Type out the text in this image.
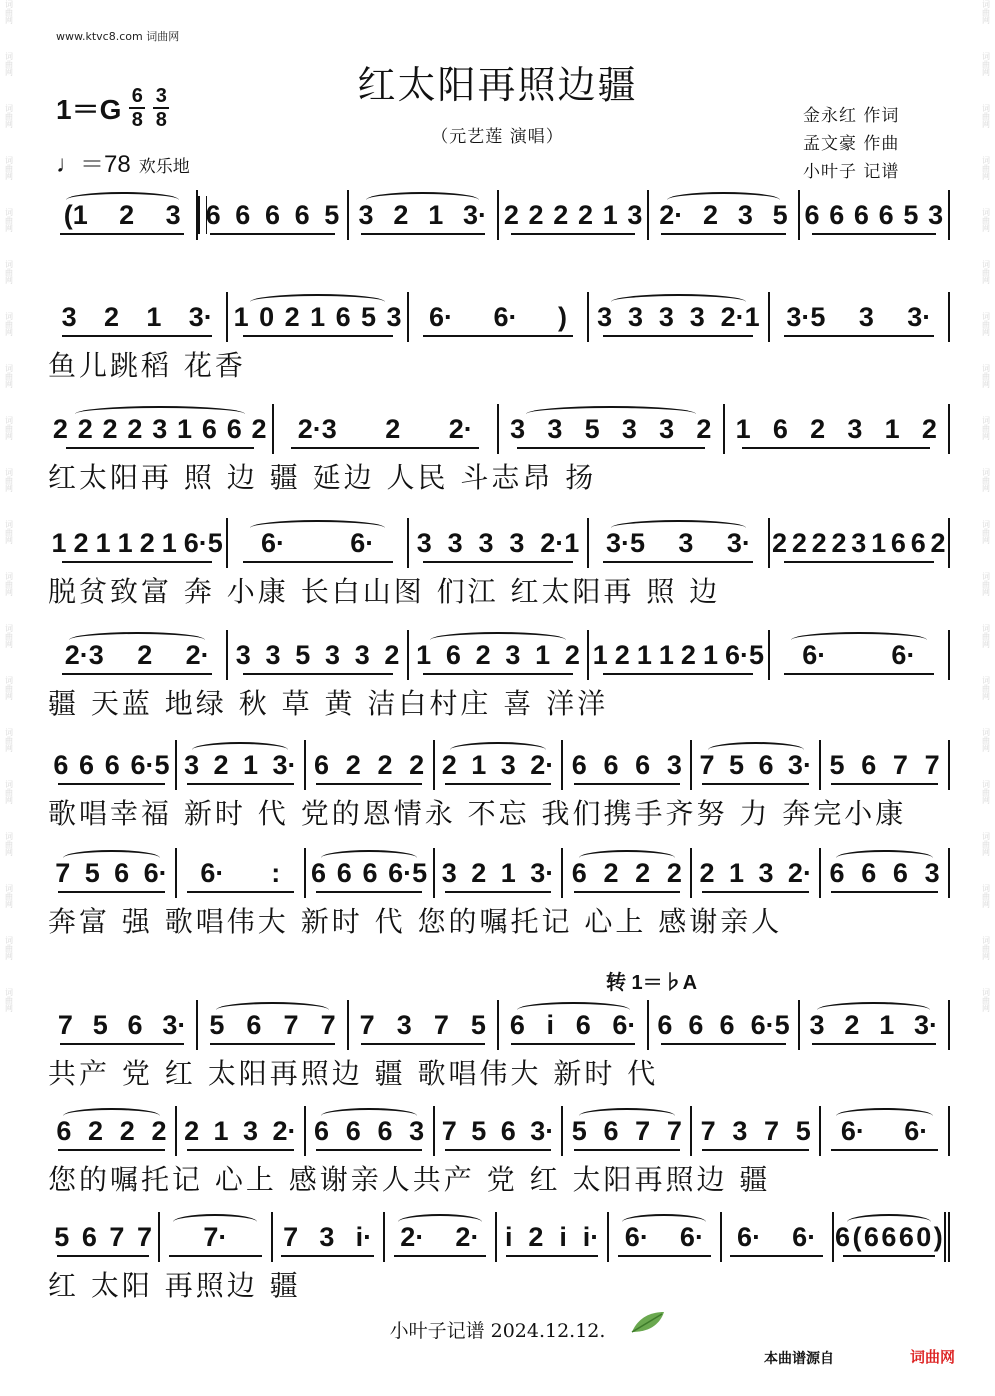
词曲网
词曲网
词曲网
词曲网
词曲网
词曲网
词曲网
词曲网
词曲网
词曲网
词曲网
词曲网
词曲网
词曲网
词曲网
词曲网
词曲网
词曲网
词曲网
词曲网
词曲网
词曲网
词曲网
词曲网
词曲网
词曲网
词曲网
词曲网
词曲网
词曲网
词曲网
词曲网
词曲网
词曲网
词曲网
词曲网
词曲网
词曲网
词曲网
词曲网
www.ktvc8.com 词曲网
红太阳再照边疆
（元艺莲 演唱）
$1=G \frac{6}{8} \frac{3}{8}$
♩ ＝78 欢乐地
金永红 作词
孟文豪 作曲
小叶子 记谱
转 1＝♭A
(1 2 3 6 6 6 6 5 3 2 1 3· 2 2 2 2 1 3 2· 2 3 5 6 6 6 6 5 3
3 2 1 3· 1 0 2 1 6 5 3 6· 6· ) 3 3 3 3 2·1 3·5 3 3·
鱼儿跳稻 花香
2 2 2 2 3 1 6 6 2 2·3 2 2· 3 3 5 3 3 2 1 6 2 3 1 2
红太阳再 照 边 疆 延边 人民 斗志昂 扬
1 2 1 1 2 1 6·5 6· 6· 3 3 3 3 2·1 3·5 3 3· 2 2 2 2 3 1 6 6 2
脱贫致富 奔 小康 长白山图 们江 红太阳再 照 边
2·3 2 2· 3 3 5 3 3 2 1 6 2 3 1 2 1 2 1 1 2 1 6·5 6· 6·
疆 天蓝 地绿 秋 草 黄 洁白村庄 喜 洋洋
6 6 6 6·5 3 2 1 3· 6 2 2 2 2 1 3 2· 6 6 6 3 7 5 6 3· 5 6 7 7
歌唱幸福 新时 代 党的恩情永 不忘 我们携手齐努 力 奔完小康
7 5 6 6· 6· : 6 6 6 6·5 3 2 1 3· 6 2 2 2 2 1 3 2· 6 6 6 3
奔富 强 歌唱伟大 新时 代 您的嘱托记 心上 感谢亲人
7 5 6 3· 5 6 7 7 7 3 7 5 6 i 6 6· 6 6 6 6·5 3 2 1 3·
共产 党 红 太阳再照边 疆 歌唱伟大 新时 代
6 2 2 2 2 1 3 2· 6 6 6 3 7 5 6 3· 5 6 7 7 7 3 7 5 6· 6·
您的嘱托记 心上 感谢亲人共产 党 红 太阳再照边 疆
5 6 7 7 7· 7 3 i· 2· 2· i 2 i i· 6· 6· 6· 6· 6 ( 6 6 6 0 )
红 太阳 再照边 疆
小叶子记谱 2024.12.12.
本曲谱源自	词曲网
